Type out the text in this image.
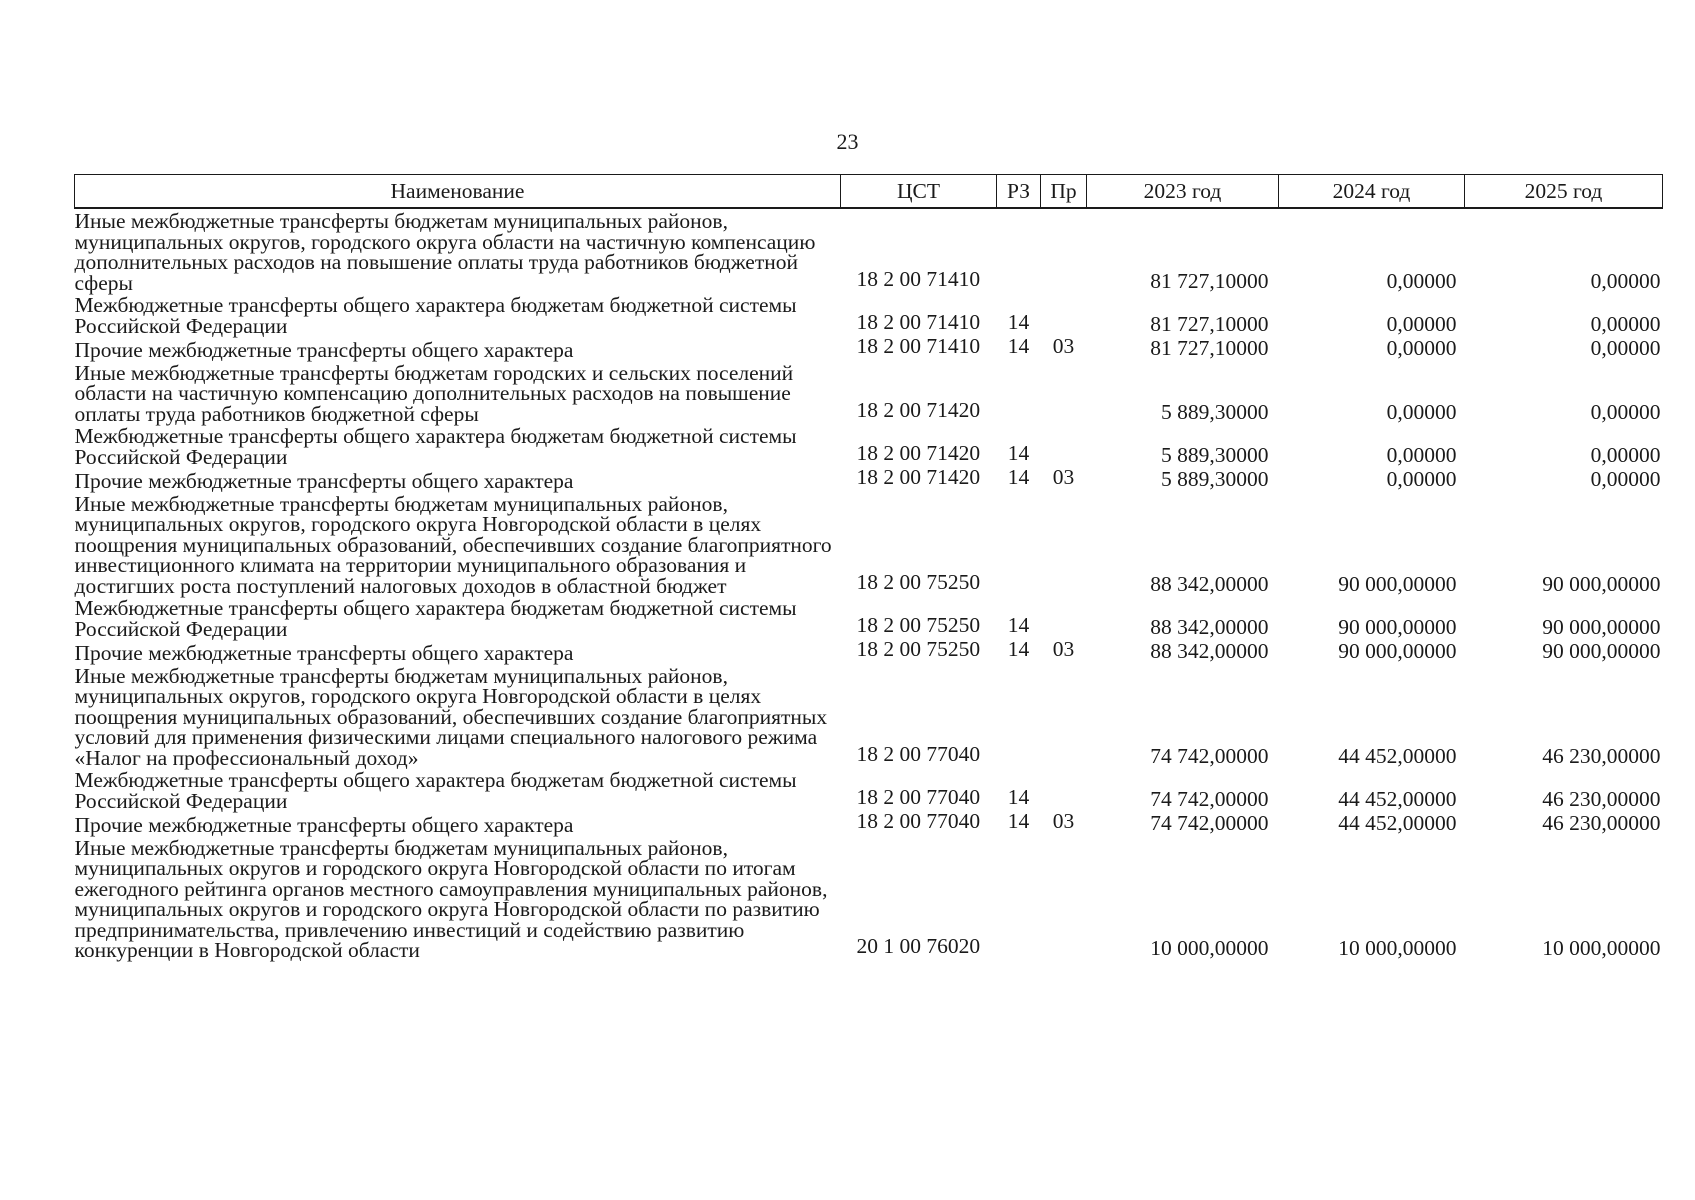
23
Наименование	ЦСТ	РЗ	Пр	2023 год	2024 год	2025 год
Иные межбюджетные трансферты бюджетам муниципальных районов, муниципальных округов, городского округа области на частичную компенсацию дополнительных расходов на повышение оплаты труда работников бюджетной сферы	18 2 00 71410			81 727,10000	0,00000	0,00000
Межбюджетные трансферты общего характера бюджетам бюджетной системы Российской Федерации	18 2 00 71410	14		81 727,10000	0,00000	0,00000
Прочие межбюджетные трансферты общего характера	18 2 00 71410	14	03	81 727,10000	0,00000	0,00000
Иные межбюджетные трансферты бюджетам городских и сельских поселений области на частичную компенсацию дополнительных расходов на повышение оплаты труда работников бюджетной сферы	18 2 00 71420			5 889,30000	0,00000	0,00000
Межбюджетные трансферты общего характера бюджетам бюджетной системы Российской Федерации	18 2 00 71420	14		5 889,30000	0,00000	0,00000
Прочие межбюджетные трансферты общего характера	18 2 00 71420	14	03	5 889,30000	0,00000	0,00000
Иные межбюджетные трансферты бюджетам муниципальных районов, муниципальных округов, городского округа Новгородской области в целях поощрения муниципальных образований, обеспечивших создание благоприятного инвестиционного климата на территории муниципального образования и достигших роста поступлений налоговых доходов в областной бюджет	18 2 00 75250			88 342,00000	90 000,00000	90 000,00000
Межбюджетные трансферты общего характера бюджетам бюджетной системы Российской Федерации	18 2 00 75250	14		88 342,00000	90 000,00000	90 000,00000
Прочие межбюджетные трансферты общего характера	18 2 00 75250	14	03	88 342,00000	90 000,00000	90 000,00000
Иные межбюджетные трансферты бюджетам муниципальных районов, муниципальных округов, городского округа Новгородской области в целях поощрения муниципальных образований, обеспечивших создание благоприятных условий для применения физическими лицами специального налогового режима «Налог на профессиональный доход»	18 2 00 77040			74 742,00000	44 452,00000	46 230,00000
Межбюджетные трансферты общего характера бюджетам бюджетной системы Российской Федерации	18 2 00 77040	14		74 742,00000	44 452,00000	46 230,00000
Прочие межбюджетные трансферты общего характера	18 2 00 77040	14	03	74 742,00000	44 452,00000	46 230,00000
Иные межбюджетные трансферты бюджетам муниципальных районов, муниципальных округов и городского округа Новгородской области по итогам ежегодного рейтинга органов местного самоуправления муниципальных районов, муниципальных округов и городского округа Новгородской области по развитию предпринимательства, привлечению инвестиций и содействию развитию конкуренции в Новгородской области	20 1 00 76020			10 000,00000	10 000,00000	10 000,00000
